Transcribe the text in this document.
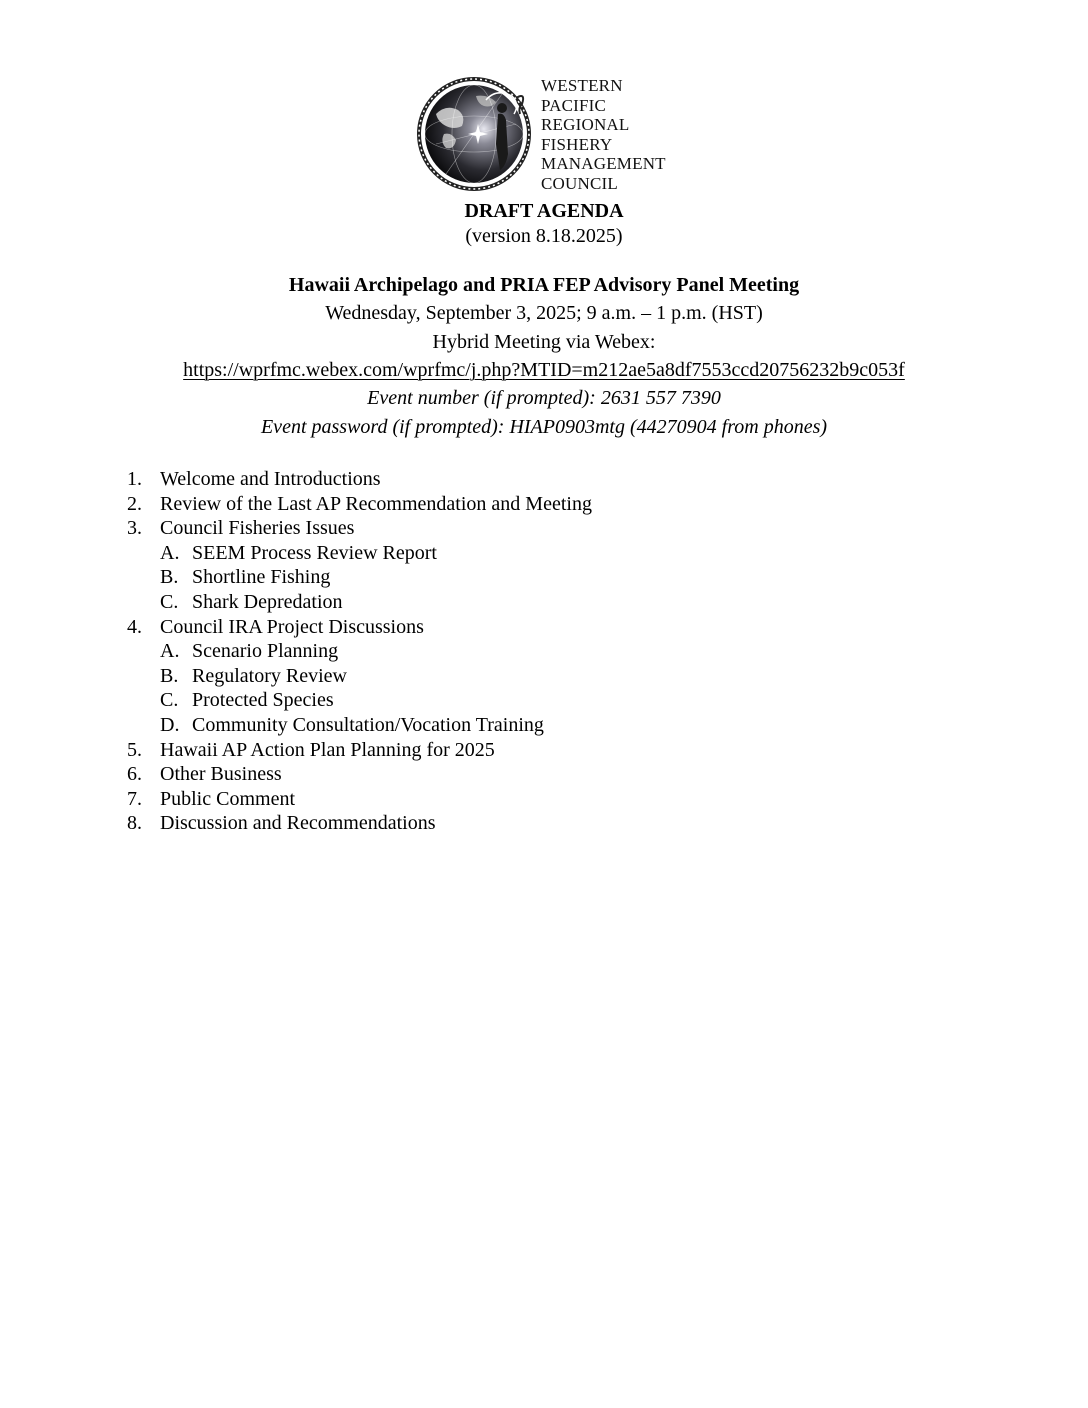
WESTERN
PACIFIC
REGIONAL
FISHERY
MANAGEMENT
COUNCIL
DRAFT AGENDA
(version 8.18.2025)
Hawaii Archipelago and PRIA FEP Advisory Panel Meeting
Wednesday, September 3, 2025; 9 a.m. – 1 p.m. (HST)
Hybrid Meeting via Webex:
https://wprfmc.webex.com/wprfmc/j.php?MTID=m212ae5a8df7553ccd20756232b9c053f
Event number (if prompted): 2631 557 7390
Event password (if prompted): HIAP0903mtg (44270904 from phones)
1. Welcome and Introductions
2. Review of the Last AP Recommendation and Meeting
3. Council Fisheries Issues
A. SEEM Process Review Report
B. Shortline Fishing
C. Shark Depredation
4. Council IRA Project Discussions
A. Scenario Planning
B. Regulatory Review
C. Protected Species
D. Community Consultation/Vocation Training
5. Hawaii AP Action Plan Planning for 2025
6. Other Business
7. Public Comment
8. Discussion and Recommendations
